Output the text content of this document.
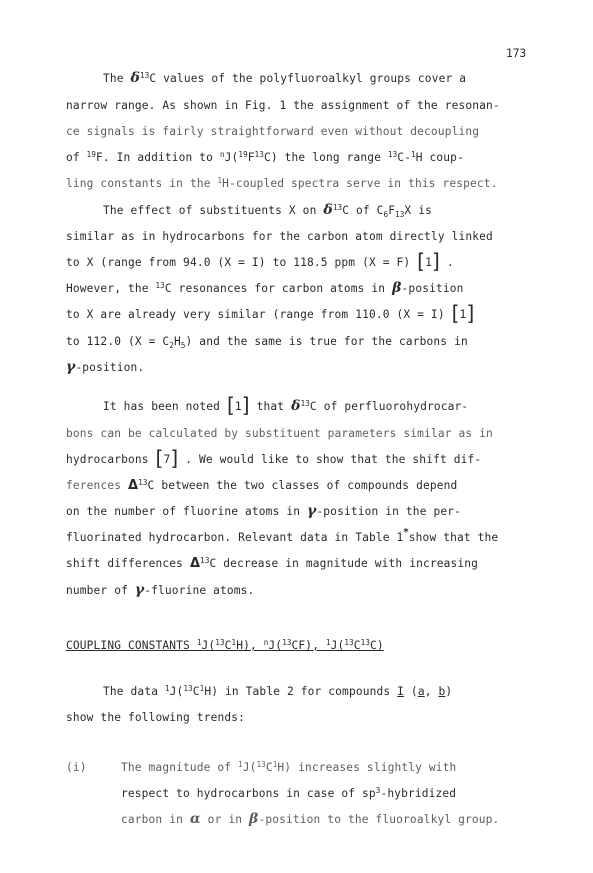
173
The $\delta^{13}C$ values of the polyfluoroalkyl groups cover a
narrow range. As shown in Fig. 1 the assignment of the resonan-
ce signals is fairly straightforward even without decoupling
of $^{19}$F. In addition to $^nJ(^{19}F^{13}C)$ the long range $^{13}$C-$^1$H coup-
ling constants in the $^1$H-coupled spectra serve in this respect.
The effect of substituents X on $\delta^{13}C$ of $C_6F_{13}X$ is
similar as in hydrocarbons for the carbon atom directly linked
to X (range from 94.0 (X = I) to 118.5 ppm (X = F) [1] .
However, the $^{13}$C resonances for carbon atoms in β-position
to X are already very similar (range from 110.0 (X = I) [1]
to 112.0 $(X = C_2H_5)$ and the same is true for the carbons in
γ-position.
It has been noted [1] that $\delta^{13}C$ of perfluorohydrocar-
bons can be calculated by substituent parameters similar as in
hydrocarbons [7] . We would like to show that the shift dif-
ferences $\Delta^{13}C$ between the two classes of compounds depend
on the number of fluorine atoms in γ-position in the per-
fluorinated hydrocarbon. Relevant data in Table 1*show that the
shift differences $\Delta^{13}C$ decrease in magnitude with increasing
number of γ-fluorine atoms.
COUPLING CONSTANTS $^1J(^{13}C^1H)$, $^n$J($^{13}$CF), $^1J(^{13}C^{13}C)$
The data $^1J(^{13}C^1H)$ in Table 2 for compounds I (a, b)
show the following trends:
(i)	The magnitude of $^1J(^{13}C^1H)$ increases slightly with
respect to hydrocarbons in case of $sp^3$-hybridized
carbon in α or in β-position to the fluoroalkyl group.
